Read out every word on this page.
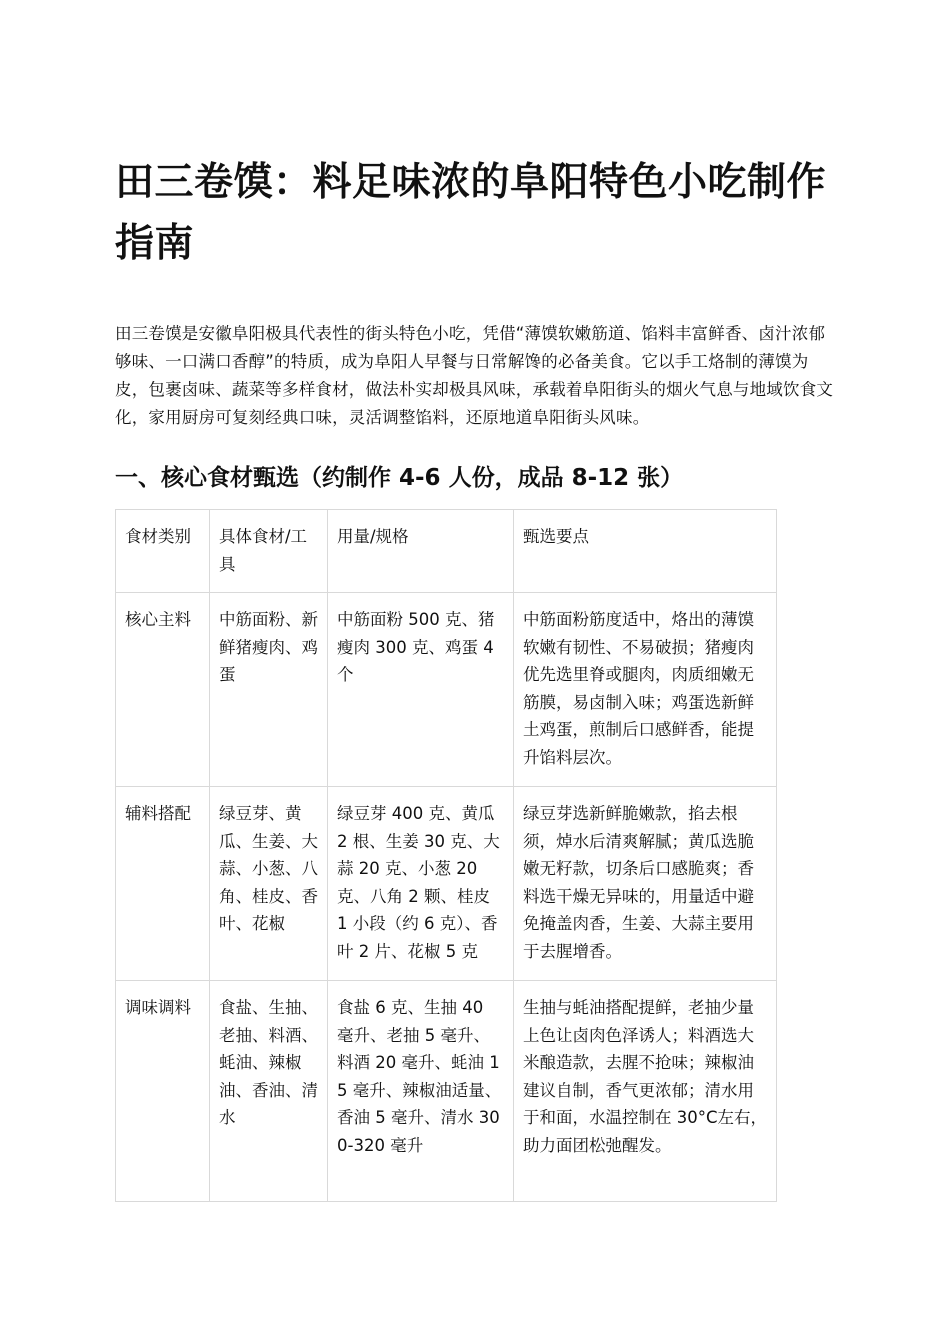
田三卷馍：料足味浓的阜阳特色小吃制作指南

田三卷馍是安徽阜阳极具代表性的街头特色小吃，凭借“薄馍软嫩筋道、馅料丰富鲜香、卤汁浓郁够味、一口满口香醇”的特质，成为阜阳人早餐与日常解馋的必备美食。它以手工烙制的薄馍为皮，包裹卤味、蔬菜等多样食材，做法朴实却极具风味，承载着阜阳街头的烟火气息与地域饮食文化，家用厨房可复刻经典口味，灵活调整馅料，还原地道阜阳街头风味。

一、核心食材甄选（约制作 4-6 人份，成品 8-12 张）
食材类别	具体食材/工具	用量/规格	甄选要点
核心主料	中筋面粉、新鲜猪瘦肉、鸡蛋	中筋面粉 500 克、猪瘦肉 300 克、鸡蛋 4 个	中筋面粉筋度适中，烙出的薄馍软嫩有韧性、不易破损；猪瘦肉优先选里脊或腿肉，肉质细嫩无筋膜，易卤制入味；鸡蛋选新鲜土鸡蛋，煎制后口感鲜香，能提升馅料层次。
辅料搭配	绿豆芽、黄瓜、生姜、大蒜、小葱、八角、桂皮、香叶、花椒	绿豆芽 400 克、黄瓜 2 根、生姜 30 克、大蒜 20 克、小葱 20 克、八角 2 颗、桂皮 1 小段（约 6 克）、香叶 2 片、花椒 5 克	绿豆芽选新鲜脆嫩款，掐去根须，焯水后清爽解腻；黄瓜选脆嫩无籽款，切条后口感脆爽；香料选干燥无异味的，用量适中避免掩盖肉香，生姜、大蒜主要用于去腥增香。
调味调料	食盐、生抽、老抽、料酒、蚝油、辣椒油、香油、清水	食盐 6 克、生抽 40 毫升、老抽 5 毫升、料酒 20 毫升、蚝油 15 毫升、辣椒油适量、香油 5 毫升、清水 300-320 毫升	生抽与蚝油搭配提鲜，老抽少量上色让卤肉色泽诱人；料酒选大米酿造款，去腥不抢味；辣椒油建议自制，香气更浓郁；清水用于和面，水温控制在 30°C左右，助力面团松弛醒发。
